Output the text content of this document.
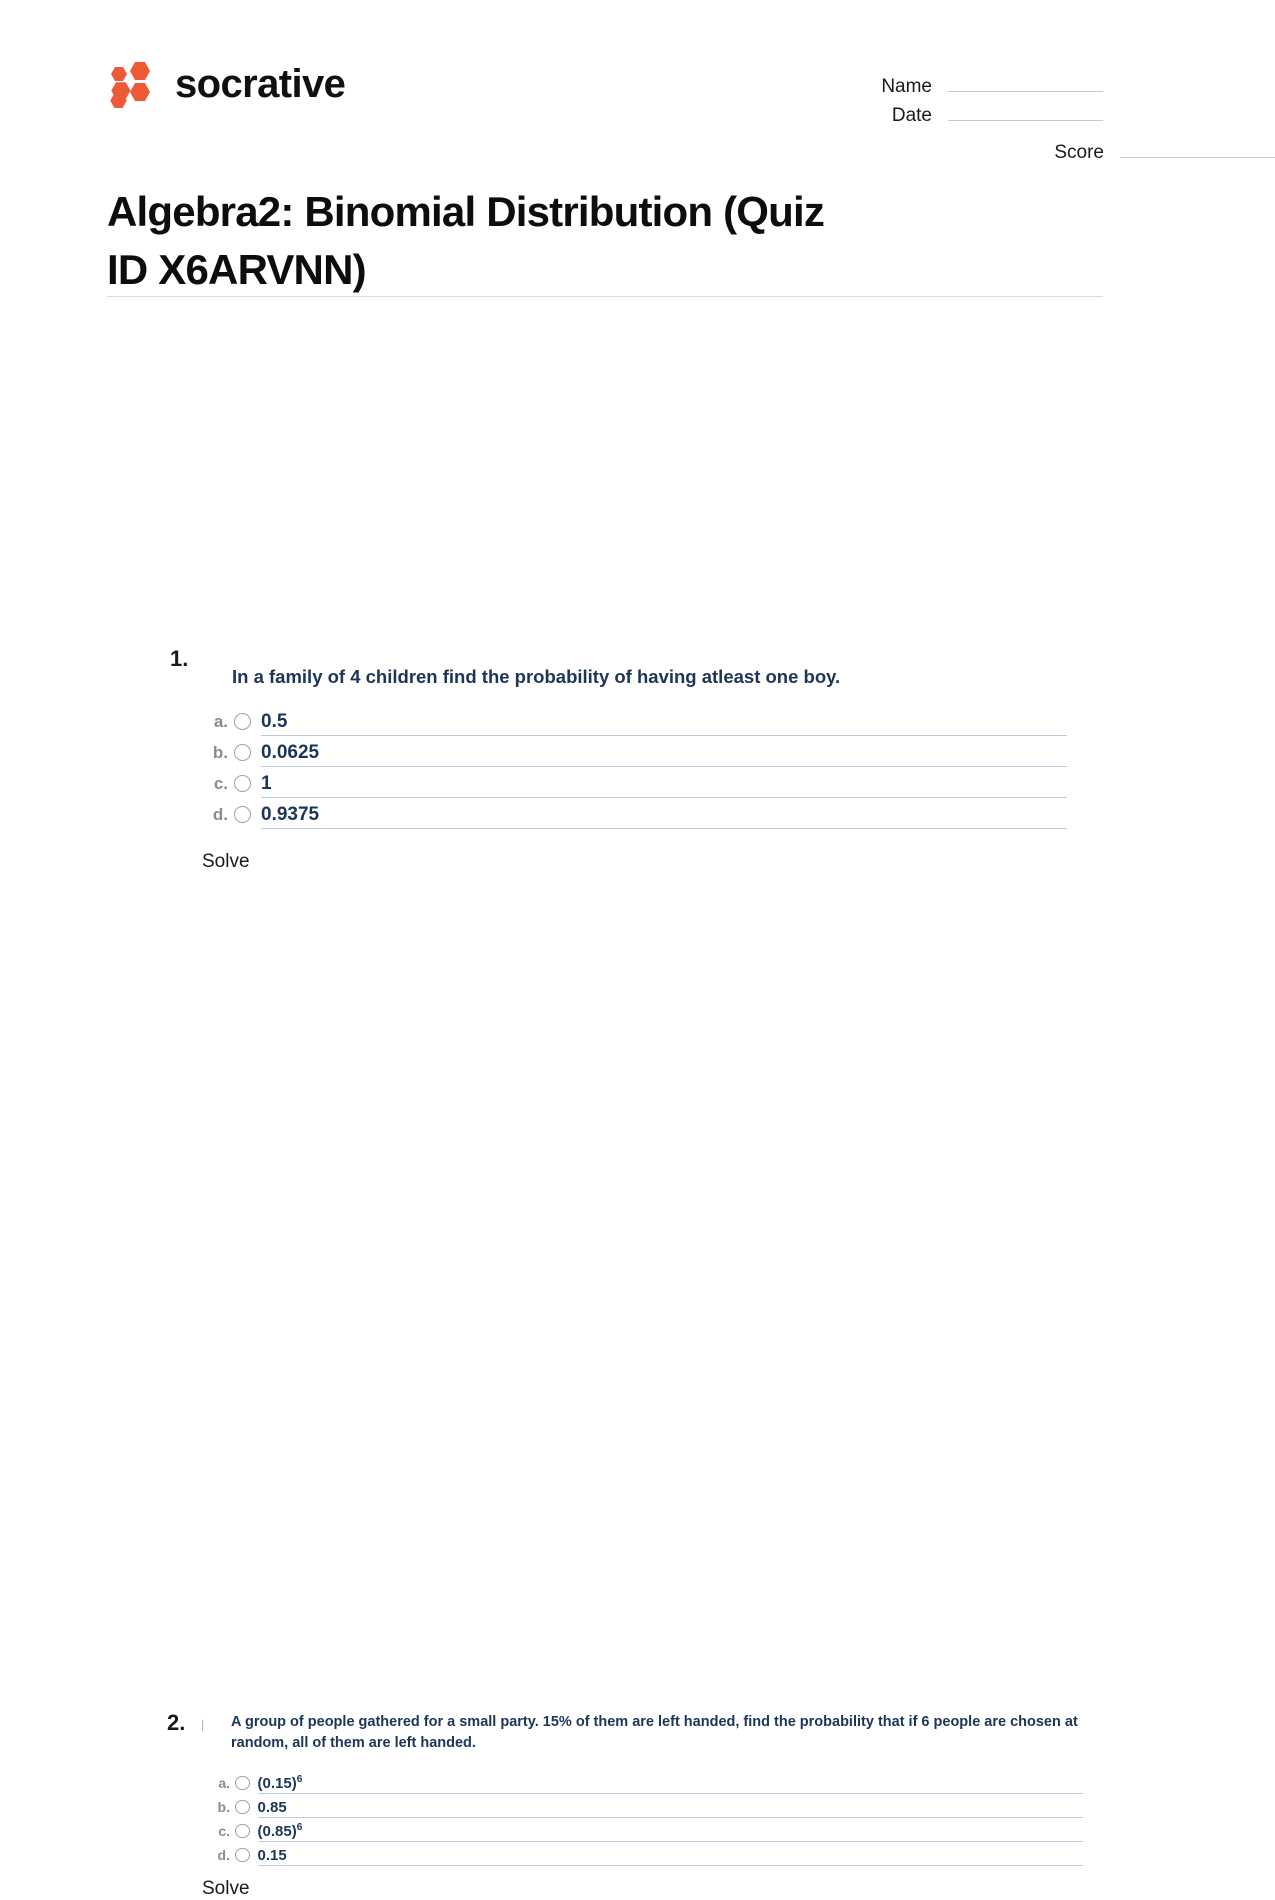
socrative	Name
Date
Score
Algebra2: Binomial Distribution (Quiz ID X6ARVNN)
1.
In a family of 4 children find the probability of having atleast one boy.
a. 0.5
b. 0.0625
c. 1
d. 0.9375
Solve
2. │	A group of people gathered for a small party. 15% of them are left handed, find the probability that if 6 people are chosen at random, all of them are left handed.
a. $(0.15)^6$
b. 0.85
c. $(0.85)^6$
d. 0.15
Solve
